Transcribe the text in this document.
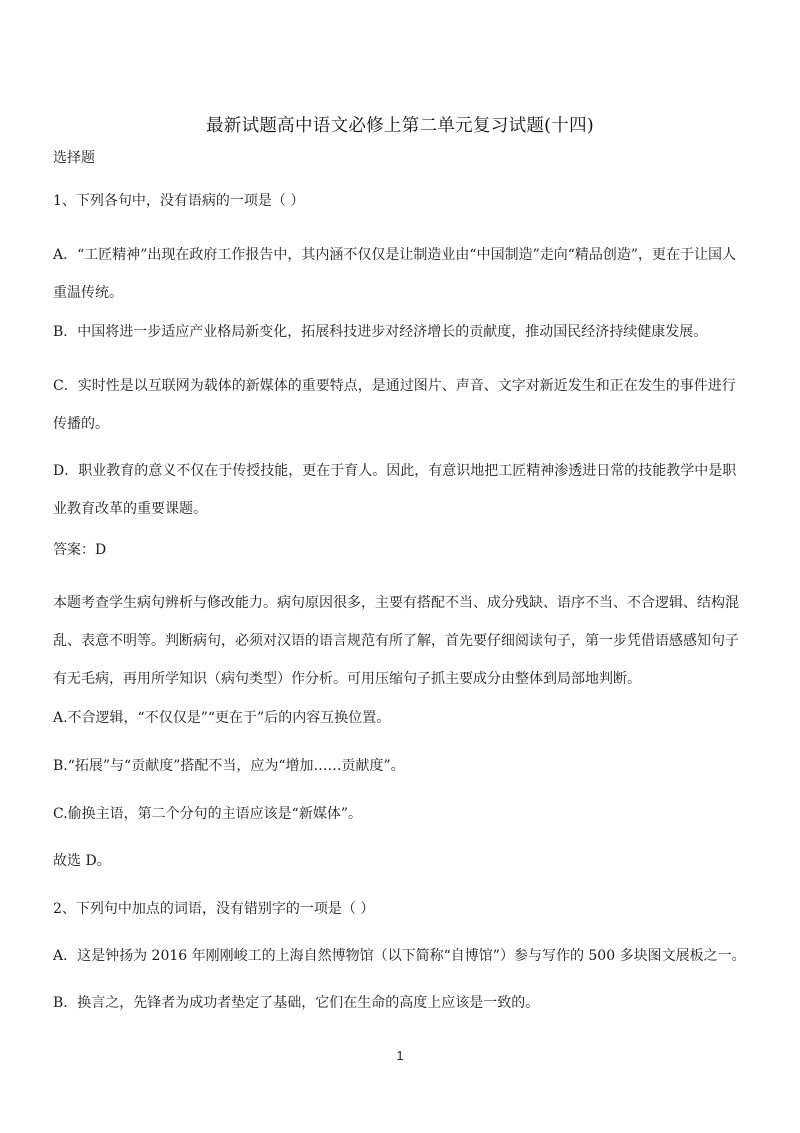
最新试题高中语文必修上第二单元复习试题(十四)
选择题
1、下列各句中，没有语病的一项是（ ）
A．“工匠精神”出现在政府工作报告中，其内涵不仅仅是让制造业由“中国制造”走向“精品创造”，更在于让国人重温传统。
B．中国将进一步适应产业格局新变化，拓展科技进步对经济增长的贡献度，推动国民经济持续健康发展。
C．实时性是以互联网为载体的新媒体的重要特点，是通过图片、声音、文字对新近发生和正在发生的事件进行传播的。
D．职业教育的意义不仅在于传授技能，更在于育人。因此，有意识地把工匠精神渗透进日常的技能教学中是职业教育改革的重要课题。
答案：D
本题考查学生病句辨析与修改能力。病句原因很多，主要有搭配不当、成分残缺、语序不当、不合逻辑、结构混乱、表意不明等。判断病句，必须对汉语的语言规范有所了解，首先要仔细阅读句子，第一步凭借语感感知句子有无毛病，再用所学知识（病句类型）作分析。可用压缩句子抓主要成分由整体到局部地判断。
A.不合逻辑，“不仅仅是”“更在于”后的内容互换位置。
B.“拓展”与“贡献度”搭配不当，应为“增加……贡献度”。
C.偷换主语，第二个分句的主语应该是“新媒体”。
故选 D。
2、下列句中加点的词语，没有错别字的一项是（ ）
A．这是钟扬为 2016 年刚刚峻工的上海自然博物馆（以下简称“自博馆”）参与写作的 500 多块图文展板之一。
B．换言之，先锋者为成功者垫定了基础，它们在生命的高度上应该是一致的。
1
